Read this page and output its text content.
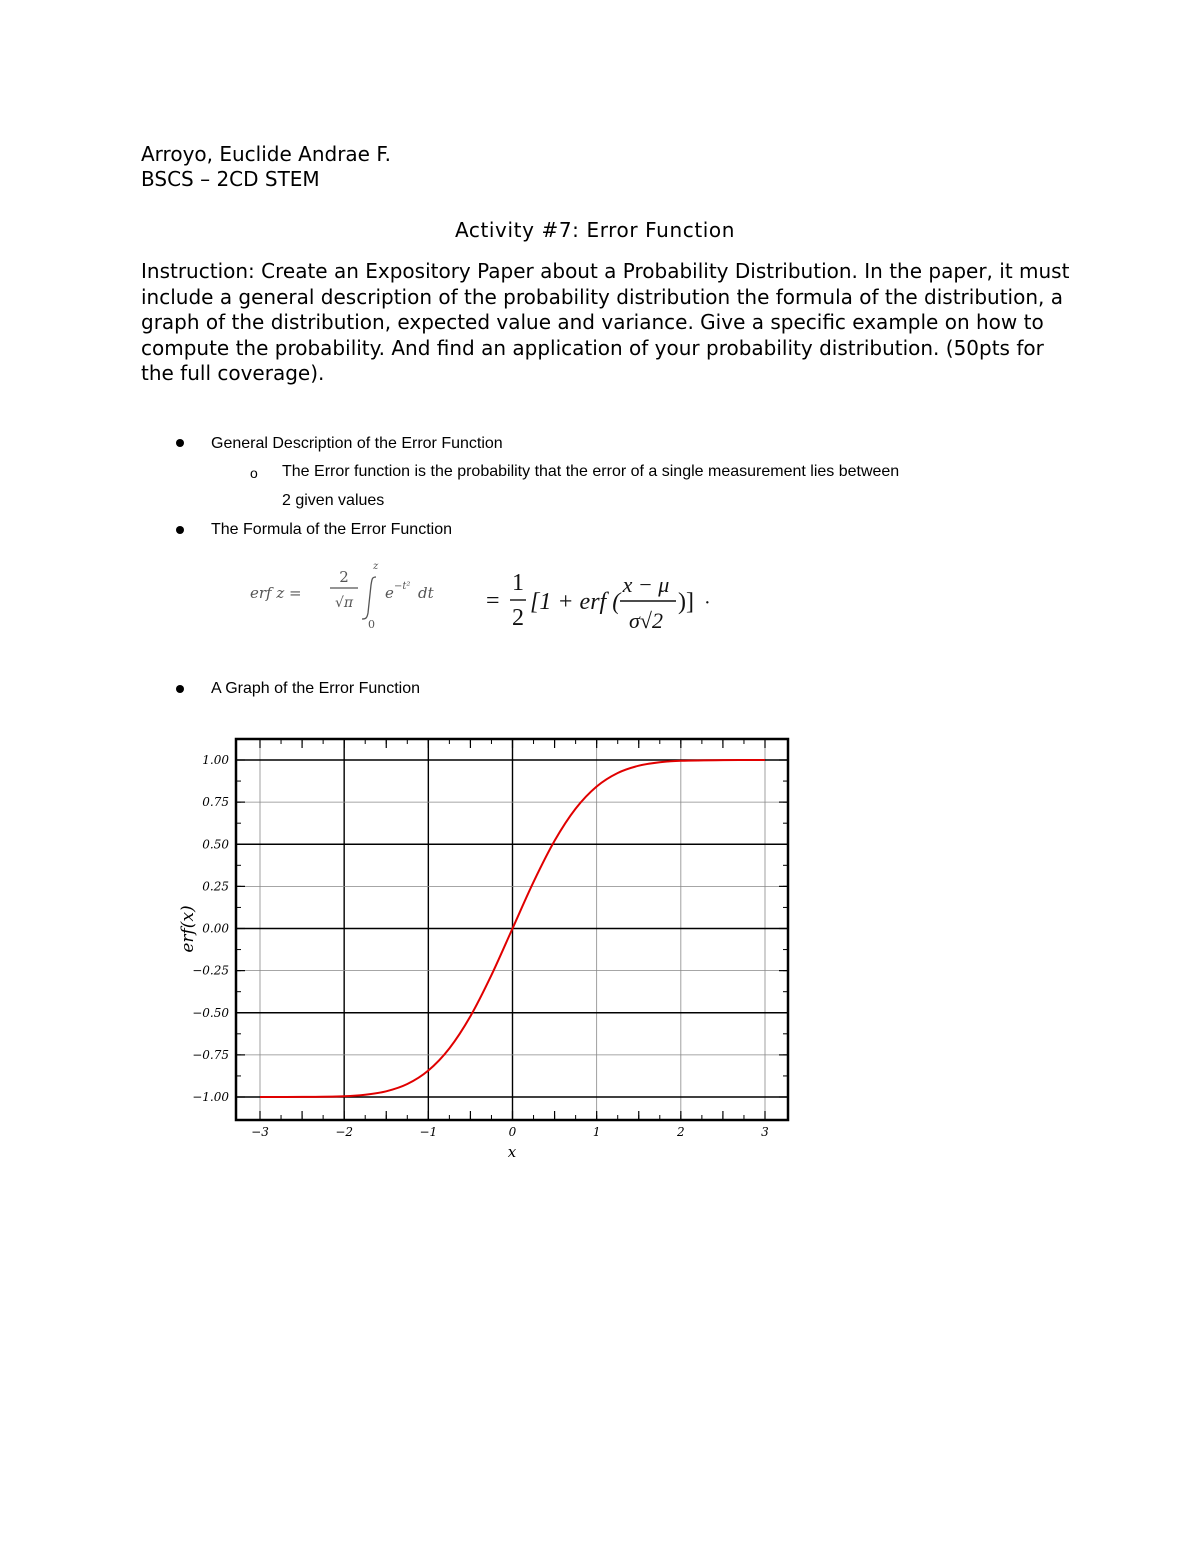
Arroyo, Euclide Andrae F.
BSCS – 2CD STEM
Activity #7: Error Function

Instruction: Create an Expository Paper about a Probability Distribution. In the paper, it must include a general description of the probability distribution the formula of the distribution, a graph of the distribution, expected value and variance. Give a specific example on how to compute the probability. And find an application of your probability distribution. (50pts for the full coverage).

General Description of the Error Function
o The Error function is the probability that the error of a single measurement lies between
2 given values
The Formula of the Error Function
erf z =
2
√π
z
0
e −t² dt =
1
2
[1 + erf (
x − μ
σ√2
)] ·
A Graph of the Error Function
−3	−2	−1	0	1	2	3
1.00
0.75
0.50
0.25
0.00
−0.25
−0.50
−0.75
−1.00
x
erf(x)
